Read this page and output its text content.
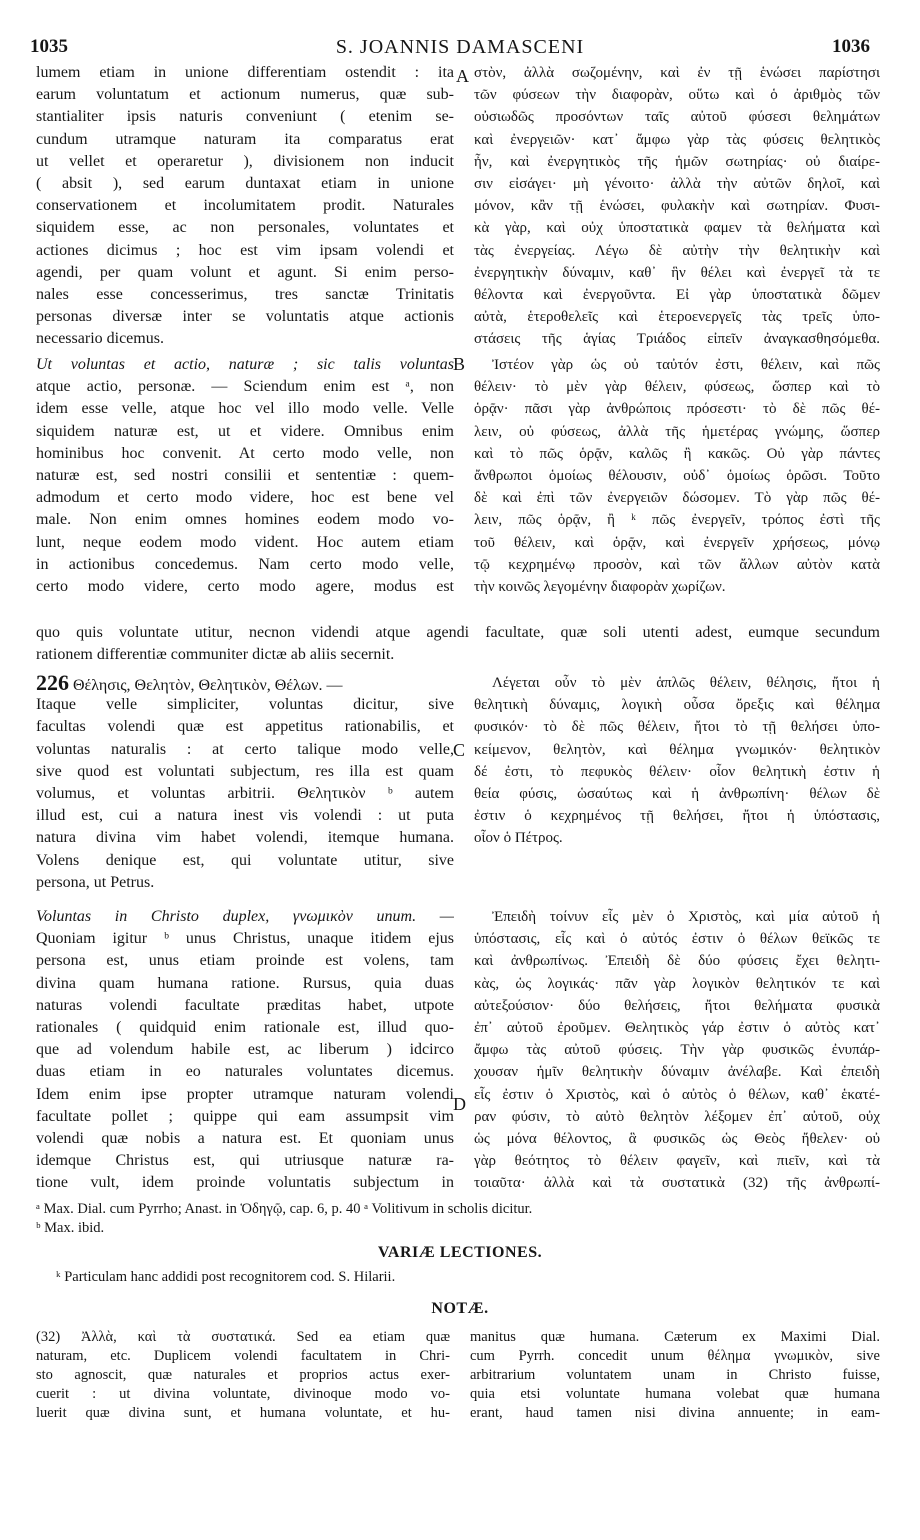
1035	S. JOANNIS DAMASCENI	1036
A
B
C
D
lumem etiam in unione differentiam ostendit : ita
earum voluntatum et actionum numerus, quæ sub-
stantialiter ipsis naturis conveniunt ( etenim se-
cundum utramque naturam ita comparatus erat
ut vellet et operaretur ), divisionem non inducit
( absit ), sed earum duntaxat etiam in unione
conservationem et incolumitatem prodit. Naturales
siquidem esse, ac non personales, voluntates et
actiones dicimus ; hoc est vim ipsam volendi et
agendi, per quam volunt et agunt. Si enim perso-
nales esse concesserimus, tres sanctæ Trinitatis
personas diversæ inter se voluntatis atque actionis
necessario dicemus.
Ut voluntas et actio, naturæ ; sic talis voluntas
atque actio, personæ. — Sciendum enim est ᵃ, non
idem esse velle, atque hoc vel illo modo velle. Velle
siquidem naturæ est, ut et videre. Omnibus enim
hominibus hoc convenit. At certo modo velle, non
naturæ est, sed nostri consilii et sententiæ : quem-
admodum et certo modo videre, hoc est bene vel
male. Non enim omnes homines eodem modo vo-
lunt, neque eodem modo vident. Hoc autem etiam
in actionibus concedemus. Nam certo modo velle,
certo modo videre, certo modo agere, modus est
στὸν, ἀλλὰ σωζομένην, καὶ ἐν τῇ ἑνώσει παρίστησι
τῶν φύσεων τὴν διαφορὰν, οὕτω καὶ ὁ ἀριθμὸς τῶν
οὐσιωδῶς προσόντων ταῖς αὐτοῦ φύσεσι θελημάτων
καὶ ἐνεργειῶν· κατ᾿ ἄμφω γὰρ τὰς φύσεις θελητικὸς
ἦν, καὶ ἐνεργητικὸς τῆς ἡμῶν σωτηρίας· οὐ διαίρε-
σιν εἰσάγει· μὴ γένοιτο· ἀλλὰ τὴν αὐτῶν δηλοῖ, καὶ
μόνον, κἂν τῇ ἑνώσει, φυλακὴν καὶ σωτηρίαν. Φυσι-
κὰ γὰρ, καὶ οὐχ ὑποστατικὰ φαμεν τὰ θελήματα καὶ
τὰς ἐνεργείας. Λέγω δὲ αὐτὴν τὴν θελητικὴν καὶ
ἐνεργητικὴν δύναμιν, καθ᾿ ἣν θέλει καὶ ἐνεργεῖ τὰ τε
θέλοντα καὶ ἐνεργοῦντα. Εἰ γὰρ ὑποστατικὰ δῶμεν
αὐτὰ, ἑτεροθελεῖς καὶ ἑτεροενεργεῖς τὰς τρεῖς ὑπο-
στάσεις τῆς ἁγίας Τριάδος εἰπεῖν ἀναγκασθησόμεθα.
Ἰστέον γὰρ ὡς οὐ ταὐτόν ἐστι, θέλειν, καὶ πῶς
θέλειν· τὸ μὲν γὰρ θέλειν, φύσεως, ὥσπερ καὶ τὸ
ὁρᾷν· πᾶσι γὰρ ἀνθρώποις πρόσεστι· τὸ δὲ πῶς θέ-
λειν, οὐ φύσεως, ἀλλὰ τῆς ἡμετέρας γνώμης, ὥσπερ
καὶ τὸ πῶς ὁρᾷν, καλῶς ἢ κακῶς. Οὐ γὰρ πάντες
ἄνθρωποι ὁμοίως θέλουσιν, οὐδ᾿ ὁμοίως ὁρῶσι. Τοῦτο
δὲ καὶ ἐπὶ τῶν ἐνεργειῶν δώσομεν. Τὸ γὰρ πῶς θέ-
λειν, πῶς ὁρᾷν, ἢ ᵏ πῶς ἐνεργεῖν, τρόπος ἐστὶ τῆς
τοῦ θέλειν, καὶ ὁρᾷν, καὶ ἐνεργεῖν χρήσεως, μόνῳ
τῷ κεχρημένῳ προσὸν, καὶ τῶν ἄλλων αὐτὸν κατὰ
τὴν κοινῶς λεγομένην διαφορὰν χωρίζων.
quo quis voluntate utitur, necnon videndi atque agendi facultate, quæ soli utenti adest, eumque secundum
rationem differentiæ communiter dictæ ab aliis secernit.
226 Θέλησις, Θελητὸν, Θελητικὸν, Θέλων. —
Itaque velle simpliciter, voluntas dicitur, sive
facultas volendi quæ est appetitus rationabilis, et
voluntas naturalis : at certo talique modo velle,
sive quod est voluntati subjectum, res illa est quam
volumus, et voluntas arbitrii. Θελητικὸν ᵇ autem
illud est, cui a natura inest vis volendi : ut puta
natura divina vim habet volendi, itemque humana.
Volens denique est, qui voluntate utitur, sive
persona, ut Petrus.
Λέγεται οὖν τὸ μὲν ἁπλῶς θέλειν, θέλησις, ἤτοι ἡ
θελητικὴ δύναμις, λογικὴ οὖσα ὄρεξις καὶ θέλημα
φυσικόν· τὸ δὲ πῶς θέλειν, ἤτοι τὸ τῇ θελήσει ὑπο-
κείμενον, θελητὸν, καὶ θέλημα γνωμικόν· θελητικὸν
δέ ἐστι, τὸ πεφυκὸς θέλειν· οἷον θελητικὴ ἐστιν ἡ
θεία φύσις, ὡσαύτως καὶ ἡ ἀνθρωπίνη· θέλων δὲ
ἐστιν ὁ κεχρημένος τῇ θελήσει, ἤτοι ἡ ὑπόστασις,
οἷον ὁ Πέτρος.
Voluntas in Christo duplex, γνωμικὸν unum. —
Quoniam igitur ᵇ unus Christus, unaque itidem ejus
persona est, unus etiam proinde est volens, tam
divina quam humana ratione. Rursus, quia duas
naturas volendi facultate præditas habet, utpote
rationales ( quidquid enim rationale est, illud quo-
que ad volendum habile est, ac liberum ) idcirco
duas etiam in eo naturales voluntates dicemus.
Idem enim ipse propter utramque naturam volendi
facultate pollet ; quippe qui eam assumpsit vim
volendi quæ nobis a natura est. Et quoniam unus
idemque Christus est, qui utriusque naturæ ra-
tione vult, idem proinde voluntatis subjectum in
Ἐπειδὴ τοίνυν εἷς μὲν ὁ Χριστὸς, καὶ μία αὐτοῦ ἡ
ὑπόστασις, εἷς καὶ ὁ αὐτός ἐστιν ὁ θέλων θεϊκῶς τε
καὶ ἀνθρωπίνως. Ἐπειδὴ δὲ δύο φύσεις ἔχει θελητι-
κὰς, ὡς λογικάς· πᾶν γὰρ λογικὸν θελητικόν τε καὶ
αὐτεξούσιον· δύο θελήσεις, ἤτοι θελήματα φυσικὰ
ἐπ᾿ αὐτοῦ ἐροῦμεν. Θελητικὸς γάρ ἐστιν ὁ αὐτὸς κατ᾿
ἄμφω τὰς αὐτοῦ φύσεις. Τὴν γὰρ φυσικῶς ἐνυπάρ-
χουσαν ἡμῖν θελητικὴν δύναμιν ἀνέλαβε. Καὶ ἐπειδὴ
εἷς ἐστιν ὁ Χριστὸς, καὶ ὁ αὐτὸς ὁ θέλων, καθ᾿ ἑκατέ-
ραν φύσιν, τὸ αὐτὸ θελητὸν λέξομεν ἐπ᾿ αὐτοῦ, οὐχ
ὡς μόνα θέλοντος, ἃ φυσικῶς ὡς Θεὸς ἤθελεν· οὐ
γὰρ θεότητος τὸ θέλειν φαγεῖν, καὶ πιεῖν, καὶ τὰ
τοιαῦτα· ἀλλὰ καὶ τὰ συστατικὰ (32) τῆς ἀνθρωπί-
ᵃ Max. Dial. cum Pyrrho; Anast. in Ὁδηγῷ, cap. 6, p. 40 ᵃ Volitivum in scholis dicitur.
ᵇ Max. ibid.
VARIÆ LECTIONES.
ᵏ Particulam hanc addidi post recognitorem cod. S. Hilarii.
NOTÆ.
(32) Ἀλλὰ, καὶ τὰ συστατικά. Sed ea etiam quæ
naturam, etc. Duplicem volendi facultatem in Chri-
sto agnoscit, quæ naturales et proprios actus exer-
cuerit : ut divina voluntate, divinoque modo vo-
luerit quæ divina sunt, et humana voluntate, et hu-
manitus quæ humana. Cæterum ex Maximi Dial.
cum Pyrrh. concedit unum θέλημα γνωμικὸν, sive
arbitrarium voluntatem unam in Christo fuisse,
quia etsi voluntate humana volebat quæ humana
erant, haud tamen nisi divina annuente; in eam-
